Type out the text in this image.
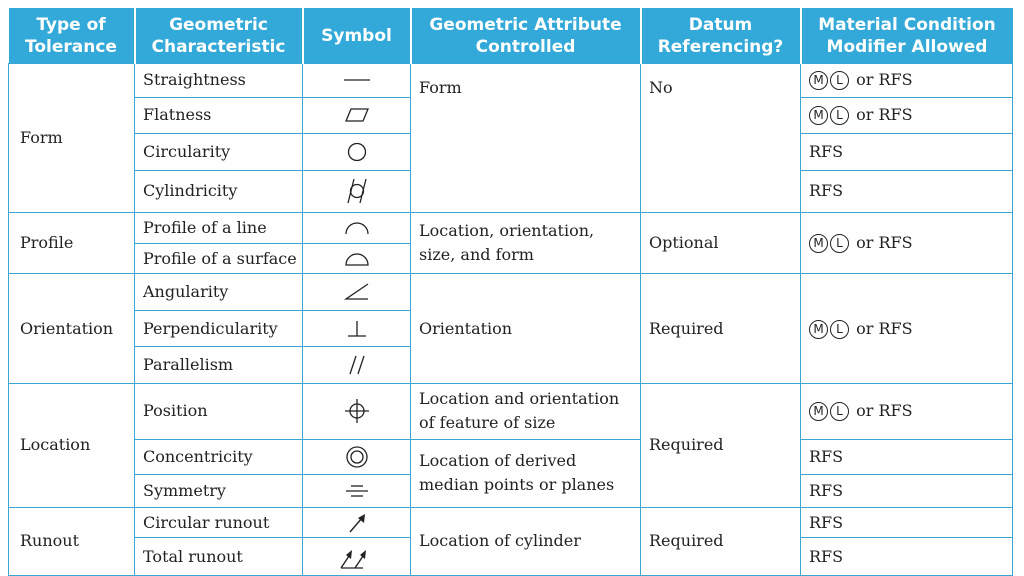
Type of Tolerance	Geometric Characteristic	Symbol	Geometric Attribute Controlled	Datum Referencing?	Material Condition Modifier Allowed
Form	Straightness		Form	No	M L or RFS
	Flatness				M L or RFS
	Circularity				RFS
	Cylindricity				RFS
Profile	Profile of a line		Location, orientation, size, and form	Optional	M L or RFS
	Profile of a surface	

Orientation	Angularity		Orientation	Required	M L or RFS
	Perpendicularity	

	Parallelism	

Location	Position		Location and orientation of feature of size	Required	M L or RFS
	Concentricity		Location of derived median points or planes		RFS
	Symmetry				RFS
Runout	Circular runout		Location of cylinder	Required	RFS
	Total runout				RFS
